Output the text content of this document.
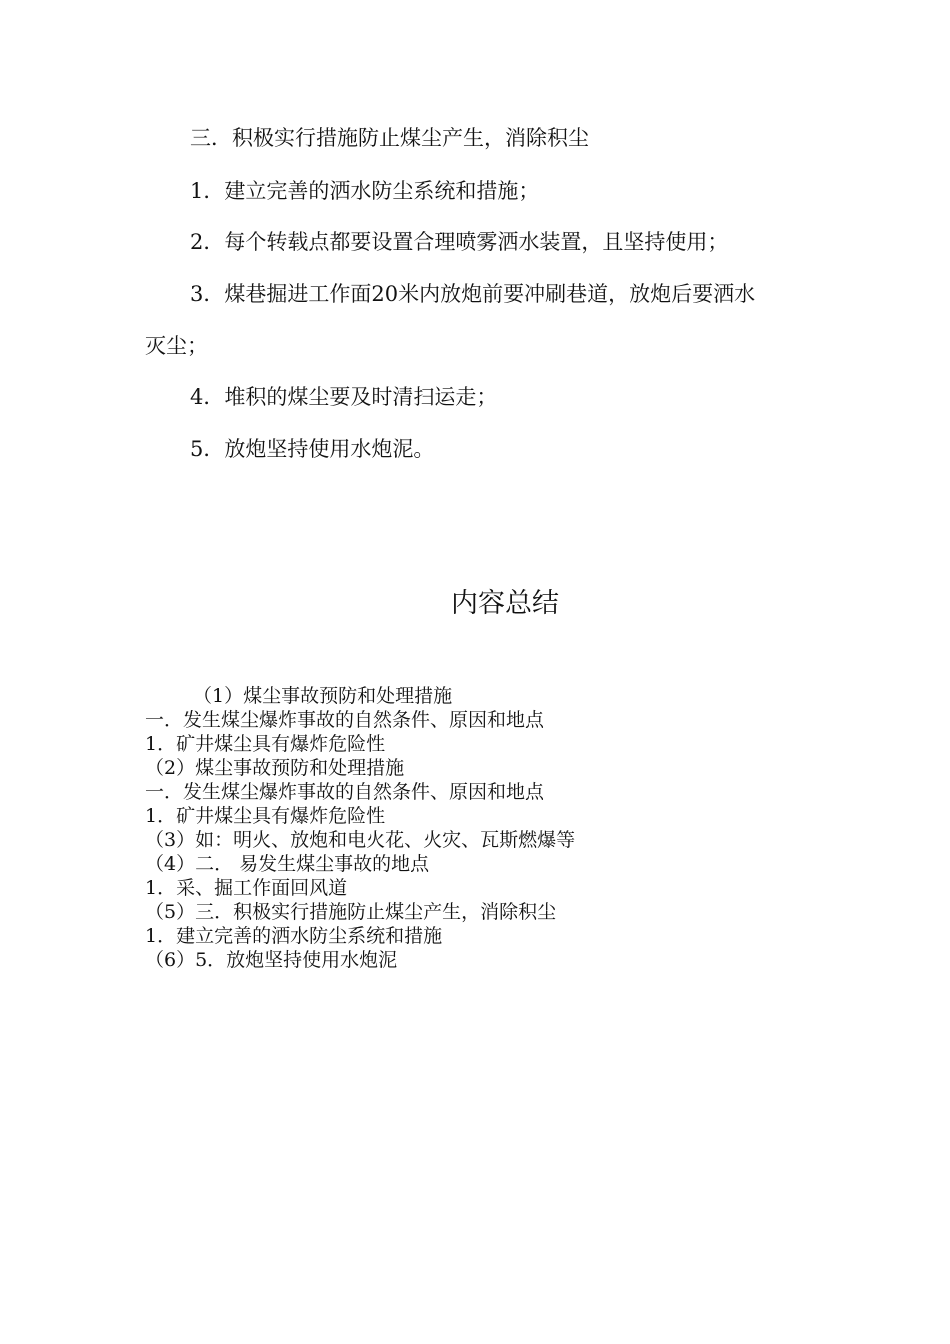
三．积极实行措施防止煤尘产生，消除积尘

1．建立完善的洒水防尘系统和措施；

2．每个转载点都要设置合理喷雾洒水装置，且坚持使用；

3．煤巷掘进工作面20米内放炮前要冲刷巷道，放炮后要洒水

灭尘；

4．堆积的煤尘要及时清扫运走；

5．放炮坚持使用水炮泥。

内容总结
（1）煤尘事故预防和处理措施
一．发生煤尘爆炸事故的自然条件、原因和地点
1．矿井煤尘具有爆炸危险性
（2）煤尘事故预防和处理措施
一．发生煤尘爆炸事故的自然条件、原因和地点
1．矿井煤尘具有爆炸危险性
（3）如：明火、放炮和电火花、火灾、瓦斯燃爆等
（4）二． 易发生煤尘事故的地点
1．采、掘工作面回风道
（5）三．积极实行措施防止煤尘产生，消除积尘
1．建立完善的洒水防尘系统和措施
（6）5．放炮坚持使用水炮泥
